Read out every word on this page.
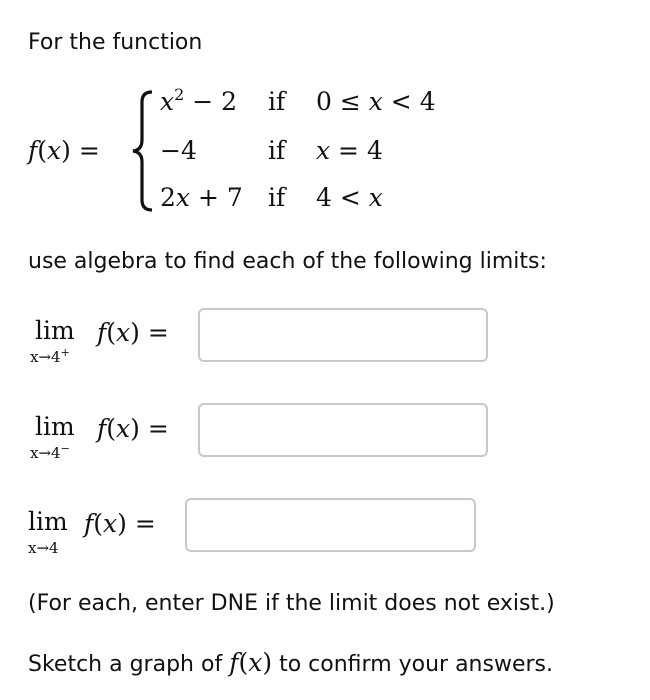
For the function
f(x) =
$x^2 - 2$ if 0 ≤ x < 4
−4	if x = 4
2x + 7 if 4 < x
use algebra to find each of the following limits:
lim
x→4+
f(x) =
lim
x→4−
f(x) =
lim
x→4
f(x) =
(For each, enter DNE if the limit does not exist.)
Sketch a graph of f(x) to confirm your answers.
